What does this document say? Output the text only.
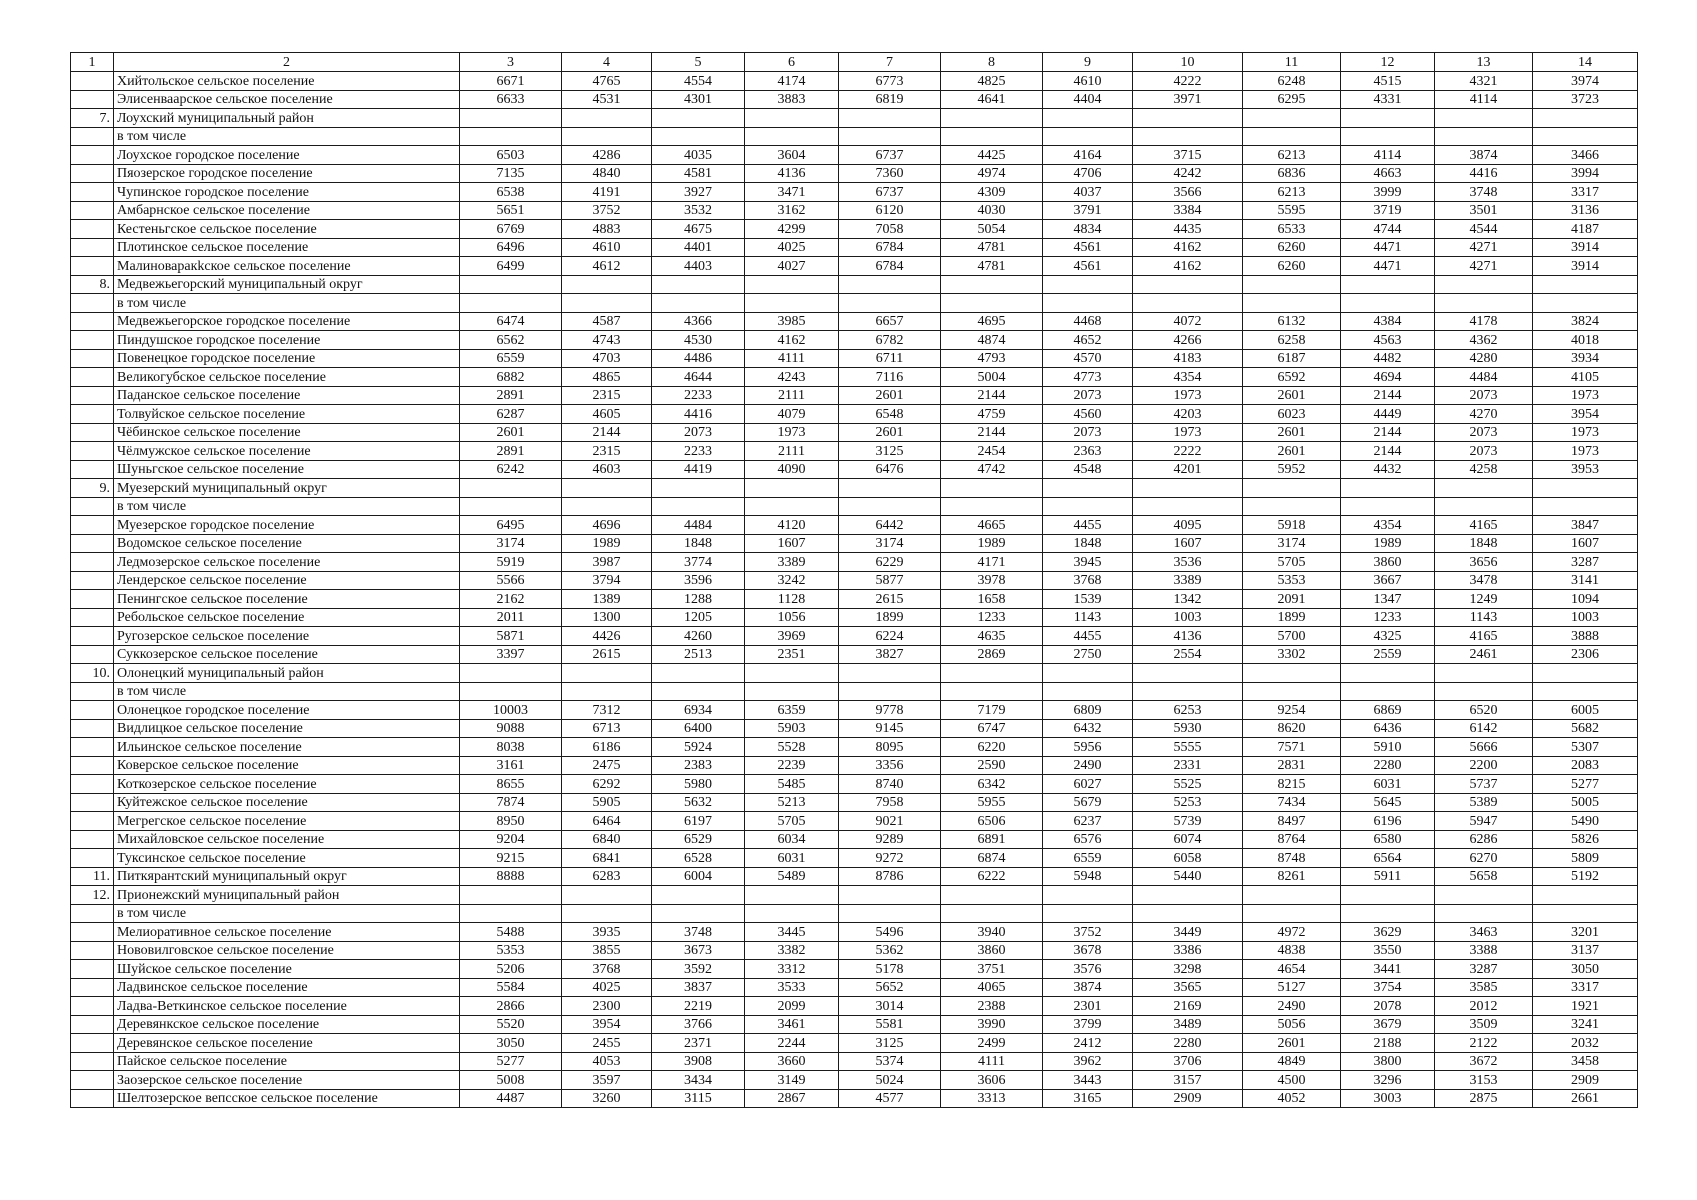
1	2	3	4	5	6	7	8	9	10	11	12	13	14
	Хийтольское сельское поселение	6671	4765	4554	4174	6773	4825	4610	4222	6248	4515	4321	3974
	Элисенваарское сельское поселение	6633	4531	4301	3883	6819	4641	4404	3971	6295	4331	4114	3723
7.	Лоухский муниципальный район												
	в том числе												
	Лоухское городское поселение	6503	4286	4035	3604	6737	4425	4164	3715	6213	4114	3874	3466
	Пяозерское городское поселение	7135	4840	4581	4136	7360	4974	4706	4242	6836	4663	4416	3994
	Чупинское городское поселение	6538	4191	3927	3471	6737	4309	4037	3566	6213	3999	3748	3317
	Амбарнское сельское поселение	5651	3752	3532	3162	6120	4030	3791	3384	5595	3719	3501	3136
	Кестеньгское сельское поселение	6769	4883	4675	4299	7058	5054	4834	4435	6533	4744	4544	4187
	Плотинское сельское поселение	6496	4610	4401	4025	6784	4781	4561	4162	6260	4471	4271	3914
	Малиноваракkское сельское поселение	6499	4612	4403	4027	6784	4781	4561	4162	6260	4471	4271	3914
8.	Медвежьегорский муниципальный округ												
	в том числе												
	Медвежьегорское городское поселение	6474	4587	4366	3985	6657	4695	4468	4072	6132	4384	4178	3824
	Пиндушское городское поселение	6562	4743	4530	4162	6782	4874	4652	4266	6258	4563	4362	4018
	Повенецкое городское поселение	6559	4703	4486	4111	6711	4793	4570	4183	6187	4482	4280	3934
	Великогубское сельское поселение	6882	4865	4644	4243	7116	5004	4773	4354	6592	4694	4484	4105
	Паданское сельское поселение	2891	2315	2233	2111	2601	2144	2073	1973	2601	2144	2073	1973
	Толвуйское сельское поселение	6287	4605	4416	4079	6548	4759	4560	4203	6023	4449	4270	3954
	Чёбинское сельское поселение	2601	2144	2073	1973	2601	2144	2073	1973	2601	2144	2073	1973
	Чёлмужское сельское поселение	2891	2315	2233	2111	3125	2454	2363	2222	2601	2144	2073	1973
	Шуньгское сельское поселение	6242	4603	4419	4090	6476	4742	4548	4201	5952	4432	4258	3953
9.	Муезерский муниципальный округ												
	в том числе												
	Муезерское городское поселение	6495	4696	4484	4120	6442	4665	4455	4095	5918	4354	4165	3847
	Водомское сельское поселение	3174	1989	1848	1607	3174	1989	1848	1607	3174	1989	1848	1607
	Ледмозерское сельское поселение	5919	3987	3774	3389	6229	4171	3945	3536	5705	3860	3656	3287
	Лендерское сельское поселение	5566	3794	3596	3242	5877	3978	3768	3389	5353	3667	3478	3141
	Пенингское сельское поселение	2162	1389	1288	1128	2615	1658	1539	1342	2091	1347	1249	1094
	Ребольское сельское поселение	2011	1300	1205	1056	1899	1233	1143	1003	1899	1233	1143	1003
	Ругозерское сельское поселение	5871	4426	4260	3969	6224	4635	4455	4136	5700	4325	4165	3888
	Суккозерское сельское поселение	3397	2615	2513	2351	3827	2869	2750	2554	3302	2559	2461	2306
10.	Олонецкий муниципальный район												
	в том числе												
	Олонецкое городское поселение	10003	7312	6934	6359	9778	7179	6809	6253	9254	6869	6520	6005
	Видлицкое сельское поселение	9088	6713	6400	5903	9145	6747	6432	5930	8620	6436	6142	5682
	Ильинское сельское поселение	8038	6186	5924	5528	8095	6220	5956	5555	7571	5910	5666	5307
	Коверское сельское поселение	3161	2475	2383	2239	3356	2590	2490	2331	2831	2280	2200	2083
	Коткозерское сельское поселение	8655	6292	5980	5485	8740	6342	6027	5525	8215	6031	5737	5277
	Куйтежское сельское поселение	7874	5905	5632	5213	7958	5955	5679	5253	7434	5645	5389	5005
	Мегрегское сельское поселение	8950	6464	6197	5705	9021	6506	6237	5739	8497	6196	5947	5490
	Михайловское сельское поселение	9204	6840	6529	6034	9289	6891	6576	6074	8764	6580	6286	5826
	Туксинское сельское поселение	9215	6841	6528	6031	9272	6874	6559	6058	8748	6564	6270	5809
11.	Питкярантский муниципальный округ	8888	6283	6004	5489	8786	6222	5948	5440	8261	5911	5658	5192
12.	Прионежский муниципальный район												
	в том числе												
	Мелиоративное сельское поселение	5488	3935	3748	3445	5496	3940	3752	3449	4972	3629	3463	3201
	Нововилговское сельское поселение	5353	3855	3673	3382	5362	3860	3678	3386	4838	3550	3388	3137
	Шуйское сельское поселение	5206	3768	3592	3312	5178	3751	3576	3298	4654	3441	3287	3050
	Ладвинское сельское поселение	5584	4025	3837	3533	5652	4065	3874	3565	5127	3754	3585	3317
	Ладва-Веткинское сельское поселение	2866	2300	2219	2099	3014	2388	2301	2169	2490	2078	2012	1921
	Деревянкское сельское поселение	5520	3954	3766	3461	5581	3990	3799	3489	5056	3679	3509	3241
	Деревянское сельское поселение	3050	2455	2371	2244	3125	2499	2412	2280	2601	2188	2122	2032
	Пайское сельское поселение	5277	4053	3908	3660	5374	4111	3962	3706	4849	3800	3672	3458
	Заозерское сельское поселение	5008	3597	3434	3149	5024	3606	3443	3157	4500	3296	3153	2909
	Шелтозерское вепсское сельское поселение	4487	3260	3115	2867	4577	3313	3165	2909	4052	3003	2875	2661
